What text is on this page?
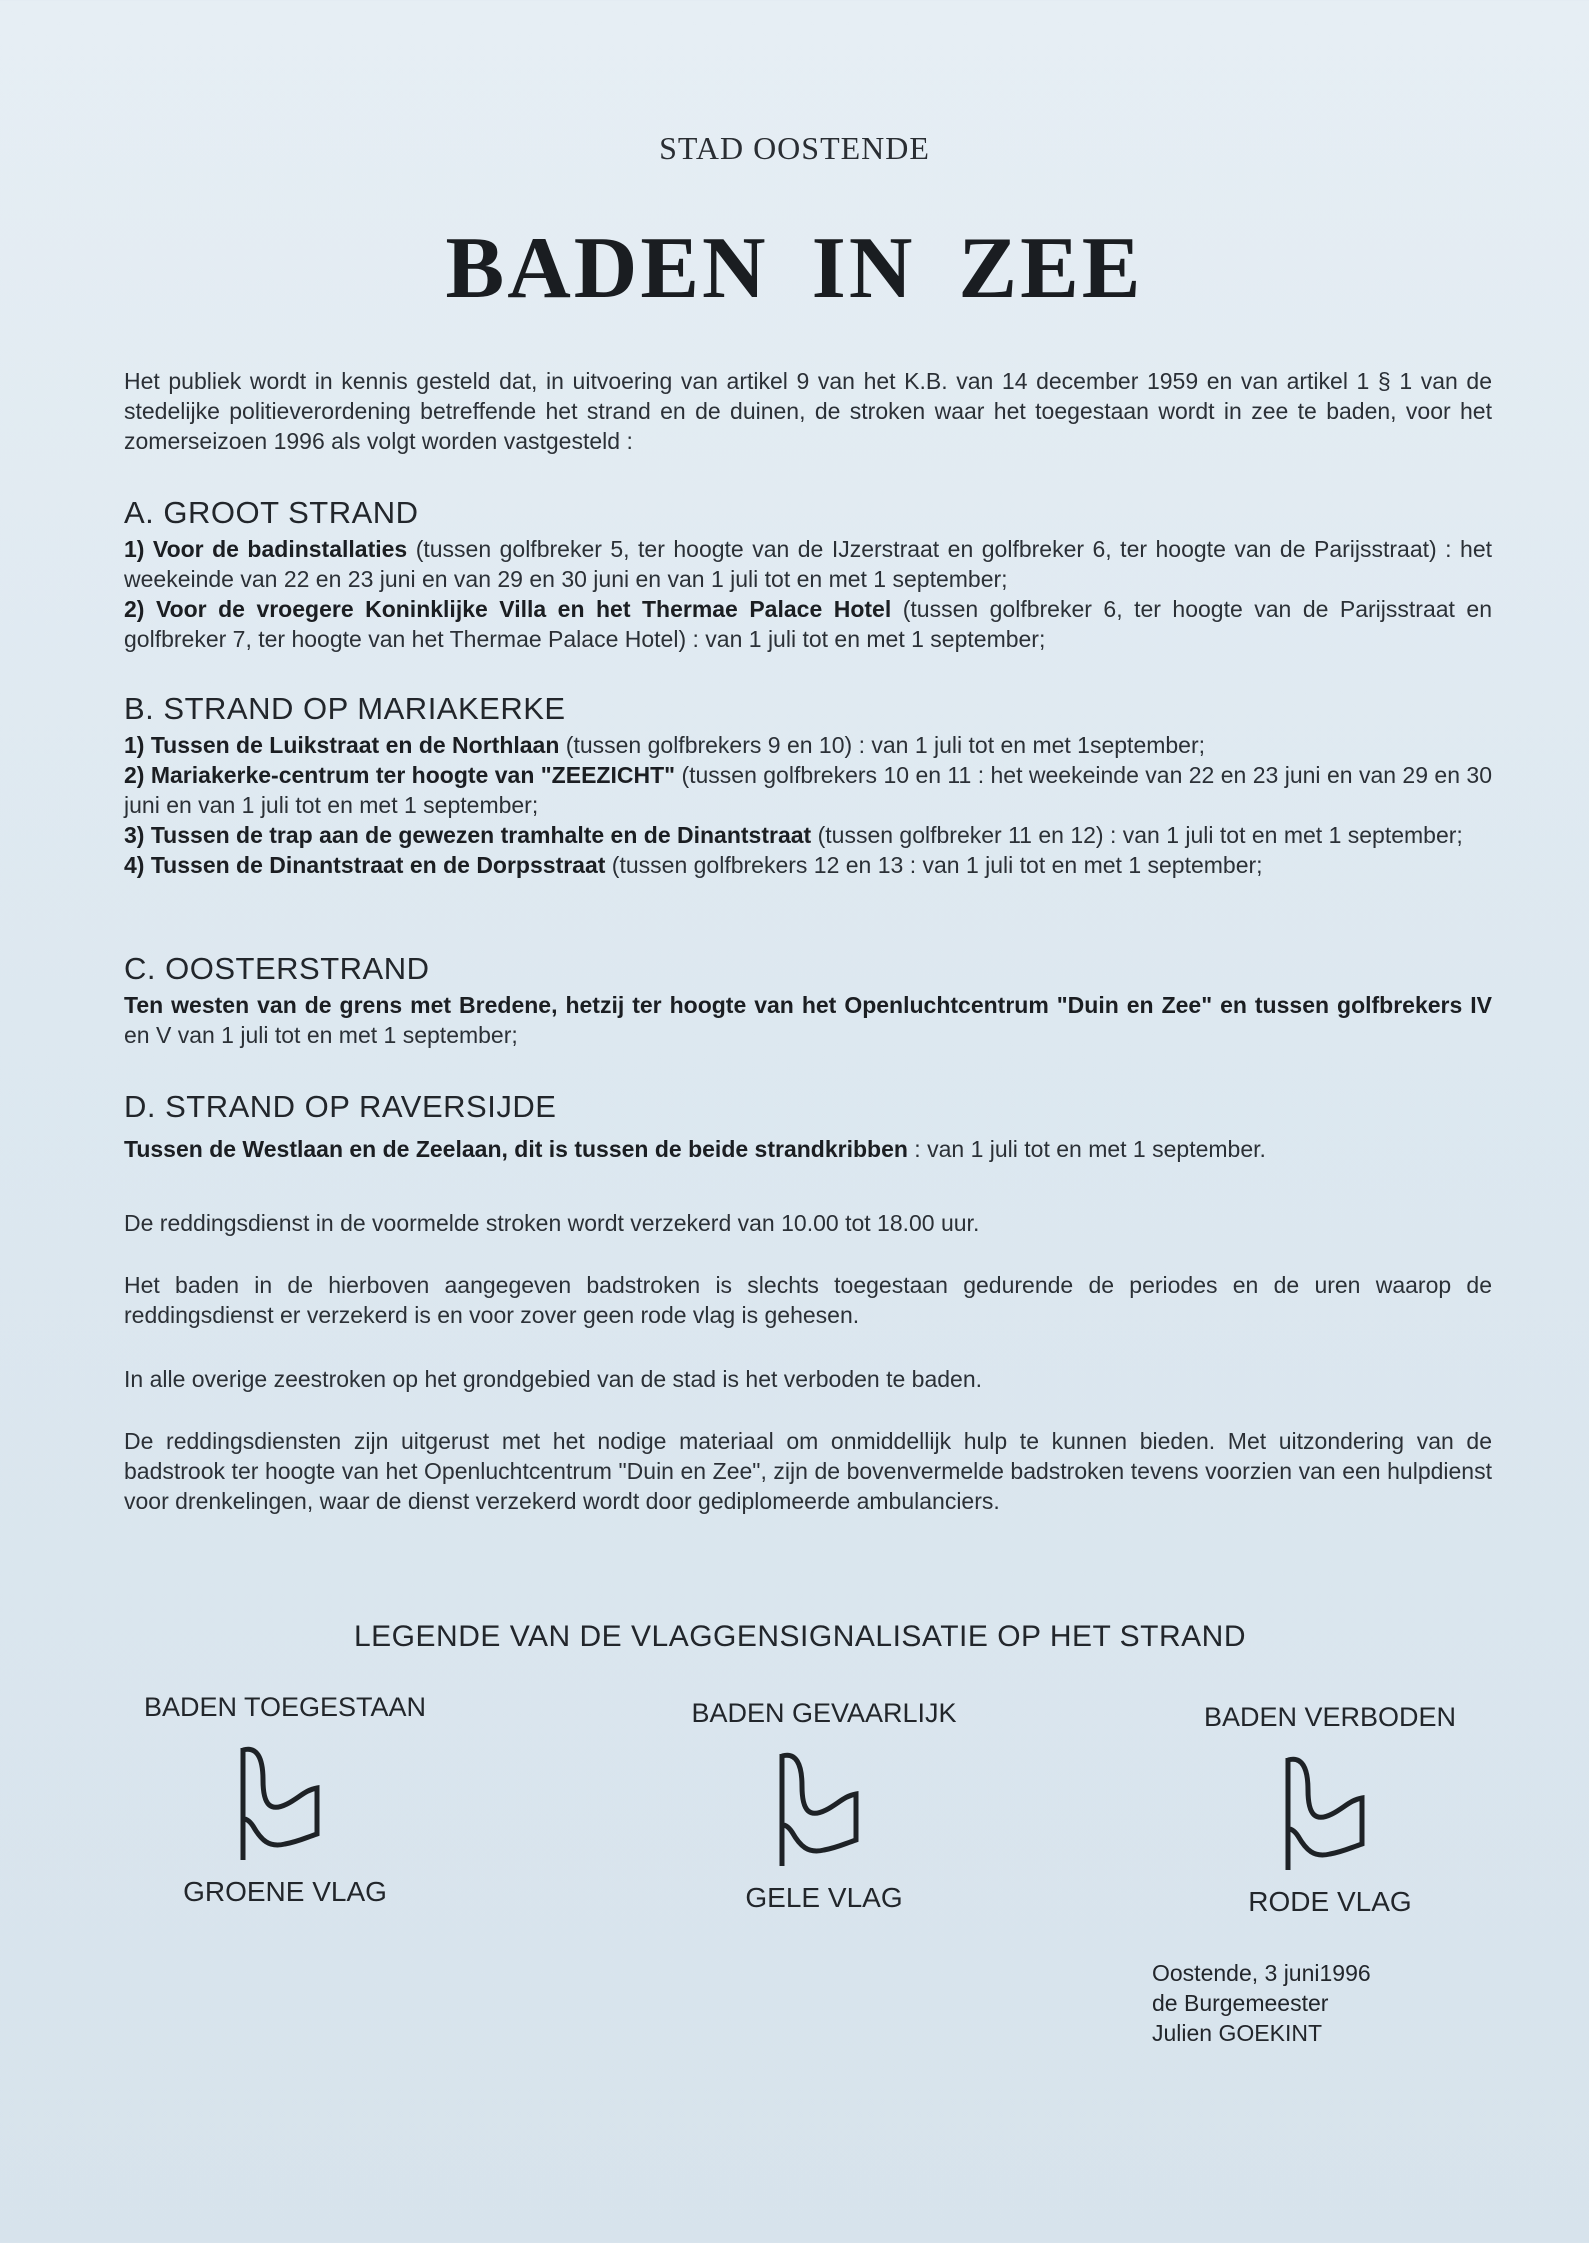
STAD OOSTENDE
BADEN IN ZEE

Het publiek wordt in kennis gesteld dat, in uitvoering van artikel 9 van het K.B. van 14 december 1959 en van artikel 1 § 1 van de stedelijke politieverordening betreffende het strand en de duinen, de stroken waar het toegestaan wordt in zee te baden, voor het zomerseizoen 1996 als volgt worden vastgesteld :

A. GROOT STRAND

1) Voor de badinstallaties (tussen golfbreker 5, ter hoogte van de IJzerstraat en golfbreker 6, ter hoogte van de Parijsstraat) : het weekeinde van 22 en 23 juni en van 29 en 30 juni en van 1 juli tot en met 1 september;

2) Voor de vroegere Koninklijke Villa en het Thermae Palace Hotel (tussen golfbreker 6, ter hoogte van de Parijsstraat en golfbreker 7, ter hoogte van het Thermae Palace Hotel) : van 1 juli tot en met 1 september;

B. STRAND OP MARIAKERKE

1) Tussen de Luikstraat en de Northlaan (tussen golfbrekers 9 en 10) : van 1 juli tot en met 1september;

2) Mariakerke-centrum ter hoogte van "ZEEZICHT" (tussen golfbrekers 10 en 11 : het weekeinde van 22 en 23 juni en van 29 en 30 juni en van 1 juli tot en met 1 september;

3) Tussen de trap aan de gewezen tramhalte en de Dinantstraat (tussen golfbreker 11 en 12) : van 1 juli tot en met 1 september;

4) Tussen de Dinantstraat en de Dorpsstraat (tussen golfbrekers 12 en 13 : van 1 juli tot en met 1 september;

C. OOSTERSTRAND

Ten westen van de grens met Bredene, hetzij ter hoogte van het Openluchtcentrum "Duin en Zee" en tussen golfbrekers IV en V van 1 juli tot en met 1 september;

D. STRAND OP RAVERSIJDE

Tussen de Westlaan en de Zeelaan, dit is tussen de beide strandkribben : van 1 juli tot en met 1 september.

De reddingsdienst in de voormelde stroken wordt verzekerd van 10.00 tot 18.00 uur.

Het baden in de hierboven aangegeven badstroken is slechts toegestaan gedurende de periodes en de uren waarop de reddingsdienst er verzekerd is en voor zover geen rode vlag is gehesen.

In alle overige zeestroken op het grondgebied van de stad is het verboden te baden.

De reddingsdiensten zijn uitgerust met het nodige materiaal om onmiddellijk hulp te kunnen bieden. Met uitzondering van de badstrook ter hoogte van het Openluchtcentrum "Duin en Zee", zijn de bovenvermelde badstroken tevens voorzien van een hulpdienst voor drenkelingen, waar de dienst verzekerd wordt door gediplomeerde ambulanciers.

LEGENDE VAN DE VLAGGENSIGNALISATIE OP HET STRAND
BADEN TOEGESTAAN
GROENE VLAG
BADEN GEVAARLIJK
GELE VLAG
BADEN VERBODEN
RODE VLAG
Oostende, 3 juni1996
de Burgemeester
Julien GOEKINT
